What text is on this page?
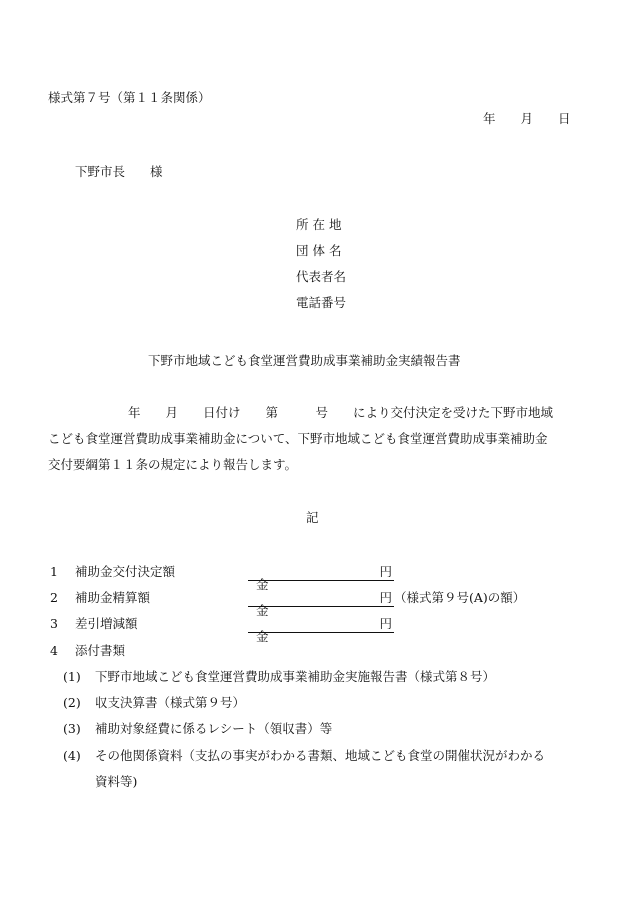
様式第７号（第１１条関係）
年　　月　　日
下野市長　　様
所 在 地
団 体 名
代表者名
電話番号
下野市地域こども食堂運営費助成事業補助金実績報告書
年　　月　　日付け　　第　　　号　　により交付決定を受けた下野市地域
こども食堂運営費助成事業補助金について、下野市地域こども食堂運営費助成事業補助金
交付要綱第１１条の規定により報告します。
記
1 補助金交付決定額

金

円

2 補助金精算額

金

円 （様式第９号(A)の額）
3 差引増減額

金

円

4 添付書類
(1) 下野市地域こども食堂運営費助成事業補助金実施報告書（様式第８号）
(2) 収支決算書（様式第９号）
(3) 補助対象経費に係るレシート（領収書）等
(4) その他関係資料（支払の事実がわかる書類、地域こども食堂の開催状況がわかる
資料等)
